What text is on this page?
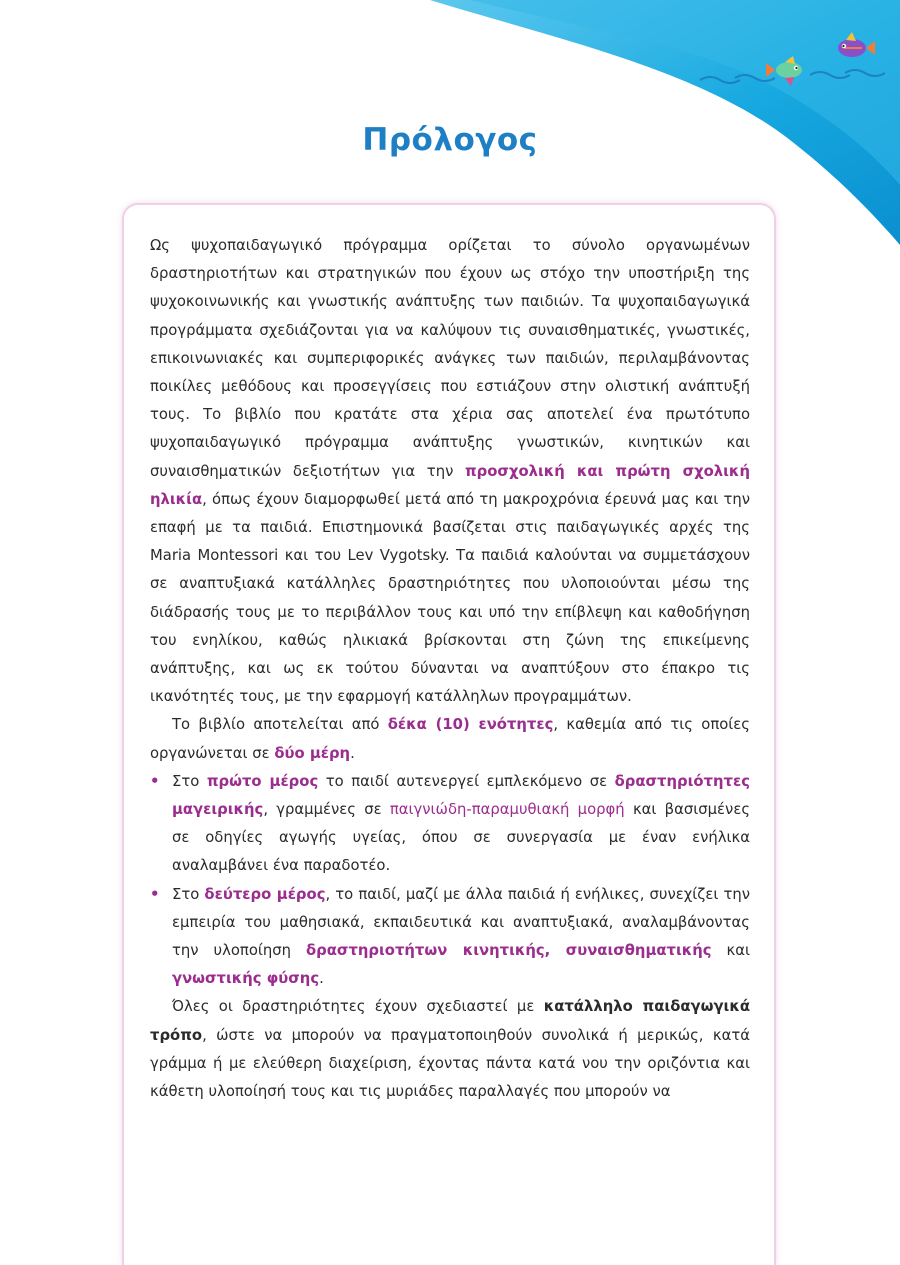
Πρόλογος

Ως ψυχοπαιδαγωγικό πρόγραμμα ορίζεται το σύνολο οργανωμένων δραστηριοτήτων και στρατηγικών που έχουν ως στόχο την υποστήριξη της ψυχοκοινωνικής και γνωστικής ανάπτυξης των παιδιών. Τα ψυχοπαιδαγωγικά προγράμματα σχεδιάζονται για να καλύψουν τις συναισθηματικές, γνωστικές, επικοινωνιακές και συμπεριφορικές ανάγκες των παιδιών, περιλαμβάνοντας ποικίλες μεθόδους και προσεγγίσεις που εστιάζουν στην ολιστική ανάπτυξή τους. Το βιβλίο που κρατάτε στα χέρια σας αποτελεί ένα πρωτότυπο ψυχοπαιδαγωγικό πρόγραμμα ανάπτυξης γνωστικών, κινητικών και συναισθηματικών δεξιοτήτων για την προσχολική και πρώτη σχολική ηλικία, όπως έχουν διαμορφωθεί μετά από τη μακροχρόνια έρευνά μας και την επαφή με τα παιδιά. Επιστημονικά βασίζεται στις παιδαγωγικές αρχές της Maria Montessori και του Lev Vygotsky. Τα παιδιά καλούνται να συμμετάσχουν σε αναπτυξιακά κατάλληλες δραστηριότητες που υλοποιούνται μέσω της διάδρασής τους με το περιβάλλον τους και υπό την επίβλεψη και καθοδήγηση του ενηλίκου, καθώς ηλικιακά βρίσκονται στη ζώνη της επικείμενης ανάπτυξης, και ως εκ τούτου δύνανται να αναπτύξουν στο έπακρο τις ικανότητές τους, με την εφαρμογή κατάλληλων προγραμμάτων.

Το βιβλίο αποτελείται από δέκα (10) ενότητες, καθεμία από τις οποίες οργανώνεται σε δύο μέρη.

• Στο πρώτο μέρος το παιδί αυτενεργεί εμπλεκόμενο σε δραστηριότητες μαγειρικής, γραμμένες σε παιγνιώδη-παραμυθιακή μορφή και βασισμένες σε οδηγίες αγωγής υγείας, όπου σε συνεργασία με έναν ενήλικα αναλαμβάνει ένα παραδοτέο.

• Στο δεύτερο μέρος, το παιδί, μαζί με άλλα παιδιά ή ενήλικες, συνεχίζει την εμπειρία του μαθησιακά, εκπαιδευτικά και αναπτυξιακά, αναλαμβάνοντας την υλοποίηση δραστηριοτήτων κινητικής, συναισθηματικής και γνωστικής φύσης.

Όλες οι δραστηριότητες έχουν σχεδιαστεί με κατάλληλο παιδαγωγικά τρόπο, ώστε να μπορούν να πραγματοποιηθούν συνολικά ή μερικώς, κατά γράμμα ή με ελεύθερη διαχείριση, έχοντας πάντα κατά νου την οριζόντια και κάθετη υλοποίησή τους και τις μυριάδες παραλλαγές που μπορούν να
